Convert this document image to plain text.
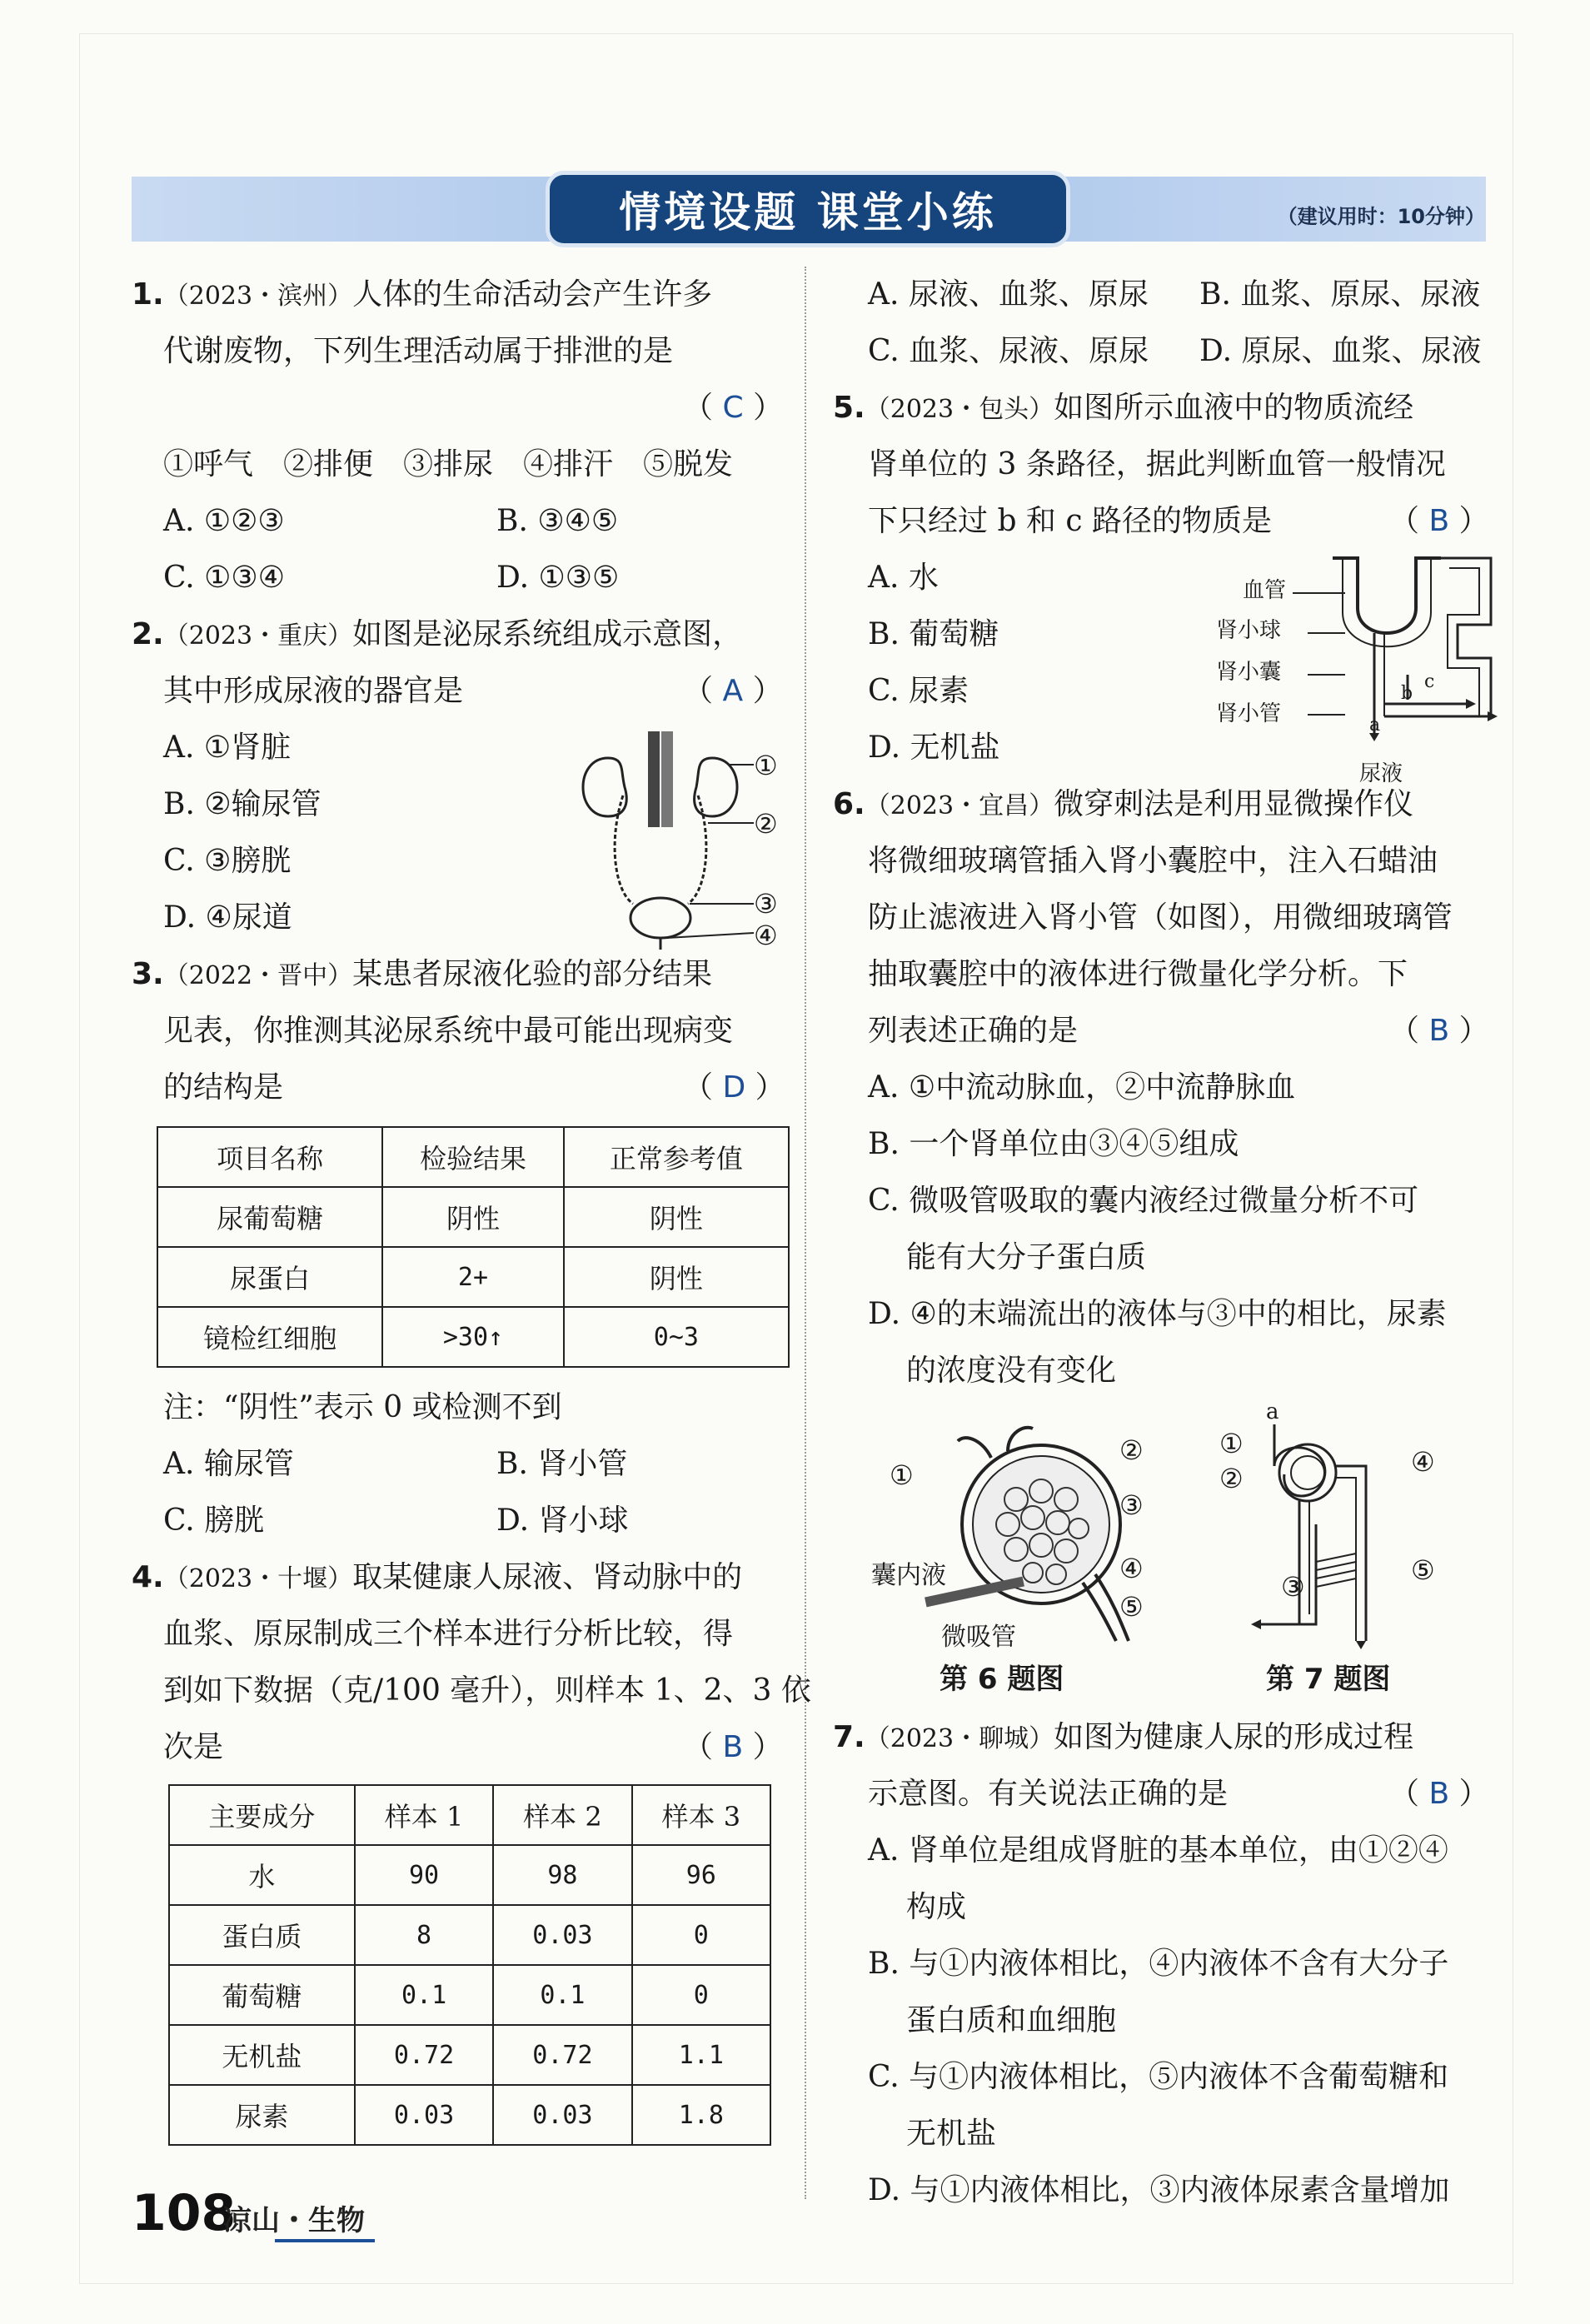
情境设题 课堂小练	（建议用时：10分钟）
1.（2023・滨州）人体的生命活动会产生许多
代谢废物，下列生理活动属于排泄的是
（ C ）
①呼气　②排便　③排尿　④排汗　⑤脱发
A. ①②③	B. ③④⑤
C. ①③④	D. ①③⑤
2.（2023・重庆）如图是泌尿系统组成示意图，
其中形成尿液的器官是	（ A ）
A. ①肾脏
B. ②输尿管
C. ③膀胱
D. ④尿道
①
②
③
④
3.（2022・晋中）某患者尿液化验的部分结果
见表，你推测其泌尿系统中最可能出现病变
的结构是	（ D ）
项目名称	检验结果	正常参考值
尿葡萄糖	阴性	阴性
尿蛋白	2+	阴性
镜检红细胞	>30↑	0~3
注：“阴性”表示 0 或检测不到
A. 输尿管	B. 肾小管
C. 膀胱	D. 肾小球
4.（2023・十堰）取某健康人尿液、肾动脉中的
血浆、原尿制成三个样本进行分析比较，得
到如下数据（克/100 毫升），则样本 1、2、3 依
次是	（ B ）
主要成分	样本 1	样本 2	样本 3
水	90	98	96
蛋白质	8	0.03	0
葡萄糖	0.1	0.1	0
无机盐	0.72	0.72	1.1
尿素	0.03	0.03	1.8
A. 尿液、血浆、原尿 B. 血浆、原尿、尿液
C. 血浆、尿液、原尿 D. 原尿、血浆、尿液
5.（2023・包头）如图所示血液中的物质流经
肾单位的 3 条路径，据此判断血管一般情况
下只经过 b 和 c 路径的物质是	（ B ）
A. 水
B. 葡萄糖
C. 尿素
D. 无机盐
血管
肾小球
肾小囊
肾小管
尿液
a
b
c
6.（2023・宜昌）微穿刺法是利用显微操作仪
将微细玻璃管插入肾小囊腔中，注入石蜡油
防止滤液进入肾小管（如图），用微细玻璃管
抽取囊腔中的液体进行微量化学分析。下
列表述正确的是	（ B ）
A. ①中流动脉血，②中流静脉血
B. 一个肾单位由③④⑤组成
C. 微吸管吸取的囊内液经过微量分析不可
能有大分子蛋白质
D. ④的末端流出的液体与③中的相比，尿素
的浓度没有变化
①
②
③
④
⑤
囊内液
微吸管
第 6 题图
a
①
②
③
④
⑤
第 7 题图
7.（2023・聊城）如图为健康人尿的形成过程
示意图。有关说法正确的是	（ B ）
A. 肾单位是组成肾脏的基本单位，由①②④
构成
B. 与①内液体相比，④内液体不含有大分子
蛋白质和血细胞
C. 与①内液体相比，⑤内液体不含葡萄糖和
无机盐
D. 与①内液体相比，③内液体尿素含量增加
108
凉山・生物
